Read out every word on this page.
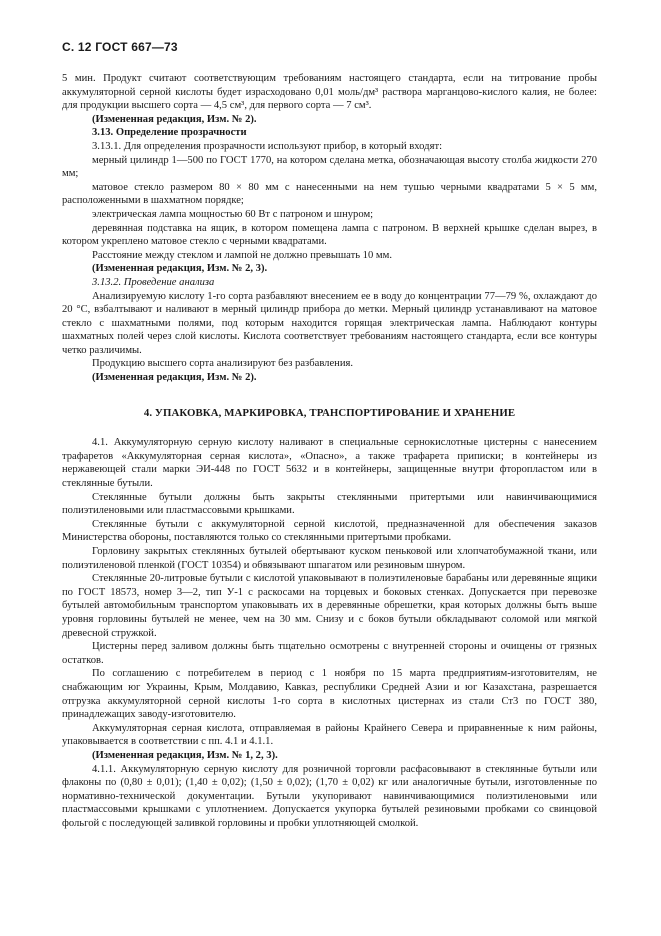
С. 12 ГОСТ 667—73

5 мин. Продукт считают соответствующим требованиям настоящего стандарта, если на титрование пробы аккумуляторной серной кислоты будет израсходовано 0,01 моль/дм³ раствора марганцово-кислого калия, не более: для продукции высшего сорта — 4,5 см³, для первого сорта — 7 см³.

(Измененная редакция, Изм. № 2).

3.13. Определение прозрачности

3.13.1. Для определения прозрачности используют прибор, в который входят:

мерный цилиндр 1—500 по ГОСТ 1770, на котором сделана метка, обозначающая высоту столба жидкости 270 мм;

матовое стекло размером 80 × 80 мм с нанесенными на нем тушью черными квадратами 5 × 5 мм, расположенными в шахматном порядке;

электрическая лампа мощностью 60 Вт с патроном и шнуром;

деревянная подставка на ящик, в котором помещена лампа с патроном. В верхней крышке сделан вырез, в котором укреплено матовое стекло с черными квадратами.

Расстояние между стеклом и лампой не должно превышать 10 мм.

(Измененная редакция, Изм. № 2, 3).

3.13.2. Проведение анализа

Анализируемую кислоту 1-го сорта разбавляют внесением ее в воду до концентрации 77—79 %, охлаждают до 20 °С, взбалтывают и наливают в мерный цилиндр прибора до метки. Мерный цилиндр устанавливают на матовое стекло с шахматными полями, под которым находится горящая электрическая лампа. Наблюдают контуры шахматных полей через слой кислоты. Кислота соответствует требованиям настоящего стандарта, если все контуры четко различимы.

Продукцию высшего сорта анализируют без разбавления.

(Измененная редакция, Изм. № 2).

4. УПАКОВКА, МАРКИРОВКА, ТРАНСПОРТИРОВАНИЕ И ХРАНЕНИЕ

4.1. Аккумуляторную серную кислоту наливают в специальные сернокислотные цистерны с нанесением трафаретов «Аккумуляторная серная кислота», «Опасно», а также трафарета приписки; в контейнеры из нержавеющей стали марки ЭИ-448 по ГОСТ 5632 и в контейнеры, защищенные внутри фторопластом или в стеклянные бутыли.

Стеклянные бутыли должны быть закрыты стеклянными притертыми или навинчивающимися полиэтиленовыми или пластмассовыми крышками.

Стеклянные бутыли с аккумуляторной серной кислотой, предназначенной для обеспечения заказов Министерства обороны, поставляются только со стеклянными притертыми пробками.

Горловину закрытых стеклянных бутылей обертывают куском пеньковой или хлопчатобумажной ткани, или полиэтиленовой пленкой (ГОСТ 10354) и обвязывают шпагатом или резиновым шнуром.

Стеклянные 20-литровые бутыли с кислотой упаковывают в полиэтиленовые барабаны или деревянные ящики по ГОСТ 18573, номер 3—2, тип У-1 с раскосами на торцевых и боковых стенках. Допускается при перевозке бутылей автомобильным транспортом упаковывать их в деревянные обрешетки, края которых должны быть выше уровня горловины бутылей не менее, чем на 30 мм. Снизу и с боков бутыли обкладывают соломой или мягкой древесной стружкой.

Цистерны перед заливом должны быть тщательно осмотрены с внутренней стороны и очищены от грязных остатков.

По соглашению с потребителем в период с 1 ноября по 15 марта предприятиям-изготовителям, не снабжающим юг Украины, Крым, Молдавию, Кавказ, республики Средней Азии и юг Казахстана, разрешается отгрузка аккумуляторной серной кислоты 1-го сорта в кислотных цистернах из стали Ст3 по ГОСТ 380, принадлежащих заводу-изготовителю.

Аккумуляторная серная кислота, отправляемая в районы Крайнего Севера и приравненные к ним районы, упаковывается в соответствии с пп. 4.1 и 4.1.1.

(Измененная редакция, Изм. № 1, 2, 3).

4.1.1. Аккумуляторную серную кислоту для розничной торговли расфасовывают в стеклянные бутыли или флаконы по (0,80 ± 0,01); (1,40 ± 0,02); (1,50 ± 0,02); (1,70 ± 0,02) кг или аналогичные бутыли, изготовленные по нормативно-технической документации. Бутыли укупоривают навинчивающимися полиэтиленовыми или пластмассовыми крышками с уплотнением. Допускается укупорка бутылей резиновыми пробками со свинцовой фольгой с последующей заливкой горловины и пробки уплотняющей смолкой.
